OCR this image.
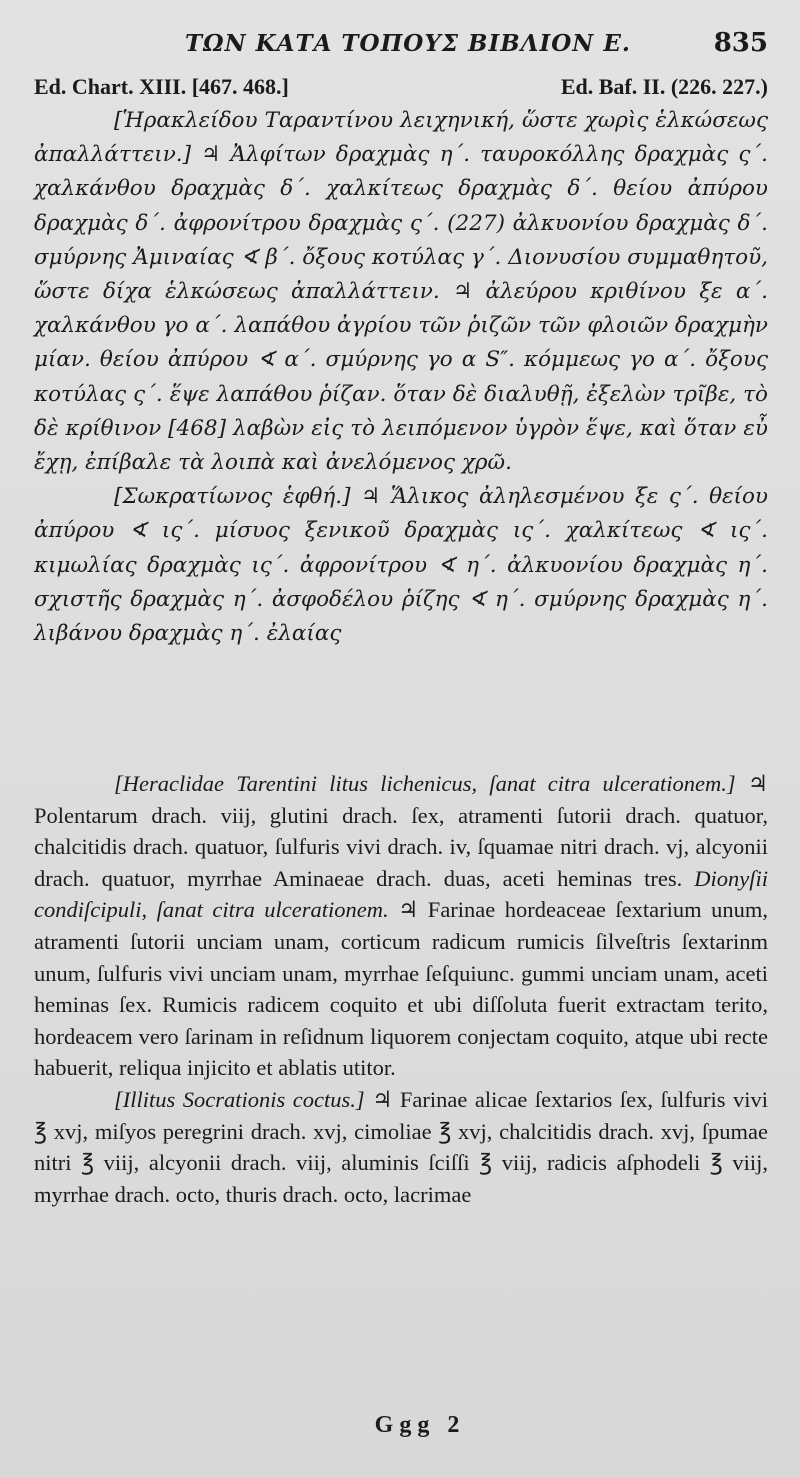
ΤΩΝ ΚΑΤΑ ΤΟΠΟΥΣ ΒΙΒΛΙΟΝ Ε.	835
Ed. Chart. XIII. [467. 468.]	Ed. Baf. II. (226. 227.)

[Ἡρακλείδου Ταραντίνου λειχηνική, ὥστε χωρὶς ἑλκώσεως ἀπαλλάττειν.] ♃ Ἀλφίτων δραχμὰς η΄. ταυροκόλλης δραχμὰς ς΄. χαλκάνθου δραχμὰς δ΄. χαλκίτεως δραχμὰς δ΄. θείου ἀπύρου δραχμὰς δ΄. ἀφρονίτρου δραχμὰς ς΄. (227) ἀλκυονίου δραχμὰς δ΄. σμύρνης Ἀμιναίας ∢ β΄. ὄξους κοτύλας γ΄. Διονυσίου συμμαθητοῦ, ὥστε δίχα ἑλκώσεως ἀπαλλάττειν. ♃ ἀλεύρου κριθίνου ξε α΄. χαλκάνθου γο α΄. λαπάθου ἀγρίου τῶν ῥιζῶν τῶν φλοιῶν δραχμὴν μίαν. θείου ἀπύρου ∢ α΄. σμύρνης γο α S″. κόμμεως γο α΄. ὄξους κοτύλας ς΄. ἕψε λαπάθου ῥίζαν. ὅταν δὲ διαλυθῇ, ἐξελὼν τρῖβε, τὸ δὲ κρίθινον [468] λαβὼν εἰς τὸ λειπόμενον ὑγρὸν ἕψε, καὶ ὅταν εὖ ἔχῃ, ἐπίβαλε τὰ λοιπὰ καὶ ἀνελόμενος χρῶ.

[Σωκρατίωνος ἑφθή.] ♃ Ἅλικος ἀληλεσμένου ξε ς΄. θείου ἀπύρου ∢ ις΄. μίσυος ξενικοῦ δραχμὰς ις΄. χαλκίτεως ∢ ις΄. κιμωλίας δραχμὰς ις΄. ἀφρονίτρου ∢ η΄. ἀλκυονίου δραχμὰς η΄. σχιστῆς δραχμὰς η΄. ἀσφοδέλου ῥίζης ∢ η΄. σμύρνης δραχμὰς η΄. λιβάνου δραχμὰς η΄. ἐλαίας

[Heraclidae Tarentini litus lichenicus, ſanat citra ulcerationem.] ♃ Polentarum drach. viij, glutini drach. ſex, atramenti ſutorii drach. quatuor, chalcitidis drach. quatuor, ſulfuris vivi drach. iv, ſquamae nitri drach. vj, alcyonii drach. quatuor, myrrhae Aminaeae drach. duas, aceti heminas tres. Dionyſii condiſcipuli, ſanat citra ulcerationem. ♃ Farinae hordeaceae ſextarium unum, atramenti ſutorii unciam unam, corticum radicum rumicis ſilveſtris ſextarinm unum, ſulfuris vivi unciam unam, myrrhae ſeſquiunc. gummi unciam unam, aceti heminas ſex. Rumicis radicem coquito et ubi diſſoluta fuerit extractam terito, hordeacem vero ſarinam in reſidnum liquorem conjectam coquito, atque ubi recte habuerit, reliqua injicito et ablatis utitor.

[Illitus Socrationis coctus.] ♃ Farinae alicae ſextarios ſex, ſulfuris vivi ℥ xvj, miſyos peregrini drach. xvj, cimoliae ℥ xvj, chalcitidis drach. xvj, ſpumae nitri ℥ viij, alcyonii drach. viij, aluminis ſciſſi ℥ viij, radicis aſphodeli ℥ viij, myrrhae drach. octo, thuris drach. octo, lacrimae

Ggg 2
